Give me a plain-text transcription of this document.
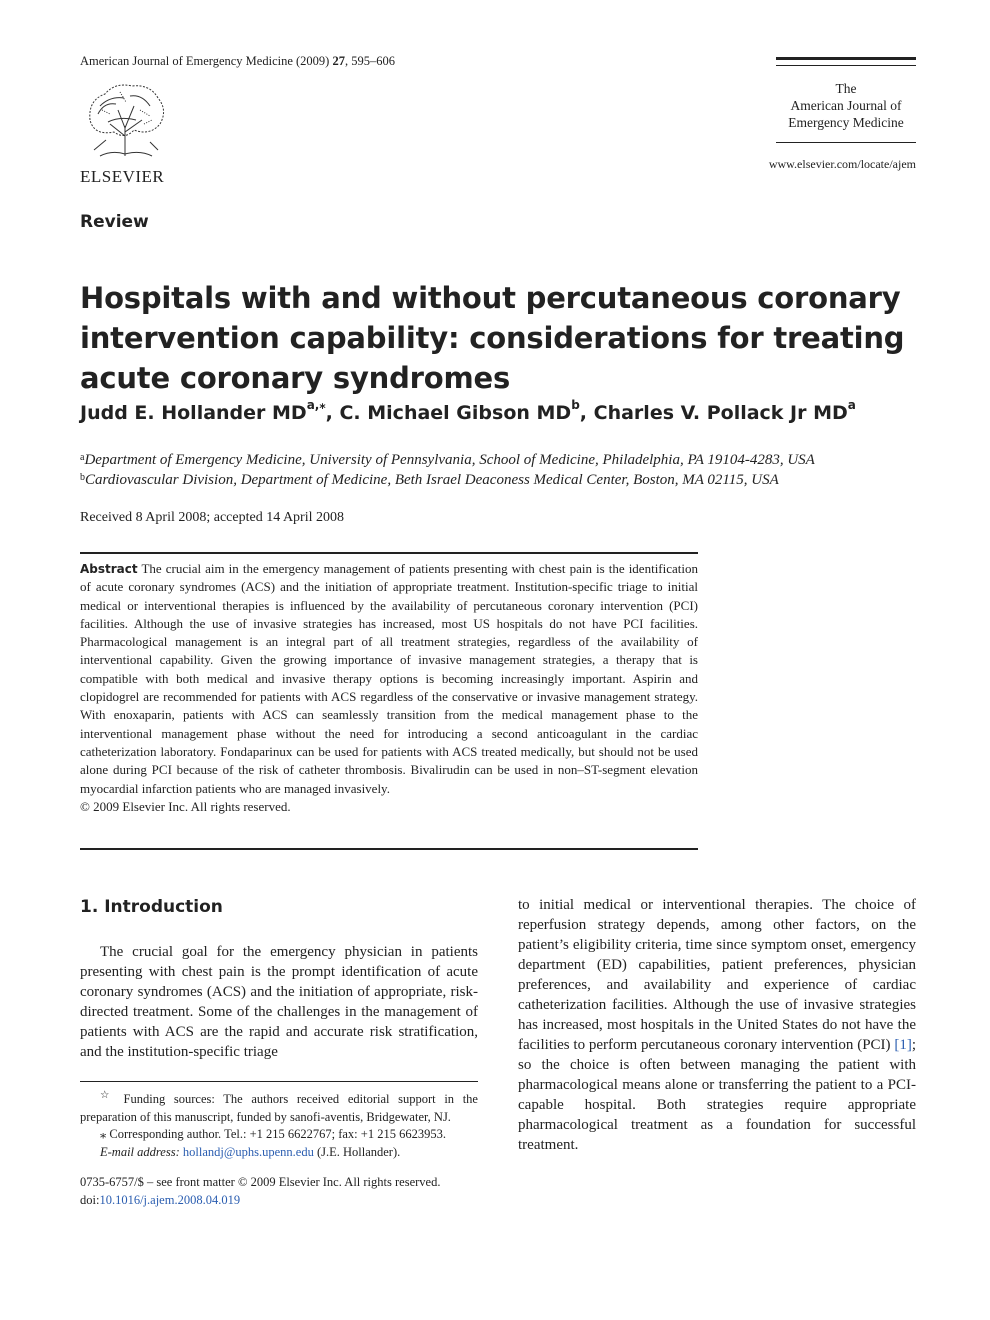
American Journal of Emergency Medicine (2009) 27, 595–606
ELSEVIER
The
American Journal of
Emergency Medicine
www.elsevier.com/locate/ajem
Review
Hospitals with and without percutaneous coronary intervention capability: considerations for treating acute coronary syndromes
Judd E. Hollander $MD^{a,⁎}$, C. Michael Gibson $MD^b$, Charles V. Pollack Jr $MD^a$
$^a$Department of Emergency Medicine, University of Pennsylvania, School of Medicine, Philadelphia, PA 19104-4283, USA
$^b$Cardiovascular Division, Department of Medicine, Beth Israel Deaconess Medical Center, Boston, MA 02115, USA
Received 8 April 2008; accepted 14 April 2008
Abstract The crucial aim in the emergency management of patients presenting with chest pain is the identification of acute coronary syndromes (ACS) and the initiation of appropriate treatment. Institution-specific triage to initial medical or interventional therapies is influenced by the availability of percutaneous coronary intervention (PCI) facilities. Although the use of invasive strategies has increased, most US hospitals do not have PCI facilities. Pharmacological management is an integral part of all treatment strategies, regardless of the availability of interventional capability. Given the growing importance of invasive management strategies, a therapy that is compatible with both medical and invasive therapy options is becoming increasingly important. Aspirin and clopidogrel are recommended for patients with ACS regardless of the conservative or invasive management strategy. With enoxaparin, patients with ACS can seamlessly transition from the medical management phase to the interventional management phase without the need for introducing a second anticoagulant in the cardiac catheterization laboratory. Fondaparinux can be used for patients with ACS treated medically, but should not be used alone during PCI because of the risk of catheter thrombosis. Bivalirudin can be used in non–ST-segment elevation myocardial infarction patients who are managed invasively.
© 2009 Elsevier Inc. All rights reserved.
1. Introduction
The crucial goal for the emergency physician in patients presenting with chest pain is the prompt identification of acute coronary syndromes (ACS) and the initiation of appropriate, risk-directed treatment. Some of the challenges in the management of patients with ACS are the rapid and accurate risk stratification, and the institution-specific triage
to initial medical or interventional therapies. The choice of reperfusion strategy depends, among other factors, on the patient’s eligibility criteria, time since symptom onset, emergency department (ED) capabilities, patient preferences, physician preferences, and availability and experience of cardiac catheterization facilities. Although the use of invasive strategies has increased, most hospitals in the United States do not have the facilities to perform percutaneous coronary intervention (PCI) [1]; so the choice is often between managing the patient with pharmacological means alone or transferring the patient to a PCI-capable hospital. Both strategies require appropriate pharmacological treatment as a foundation for successful treatment.
☆ Funding sources: The authors received editorial support in the preparation of this manuscript, funded by sanofi-aventis, Bridgewater, NJ.
⁎ Corresponding author. Tel.: +1 215 6622767; fax: +1 215 6623953.
E-mail address: hollandj@uphs.upenn.edu (J.E. Hollander).
0735-6757/$ – see front matter © 2009 Elsevier Inc. All rights reserved.
doi:10.1016/j.ajem.2008.04.019
